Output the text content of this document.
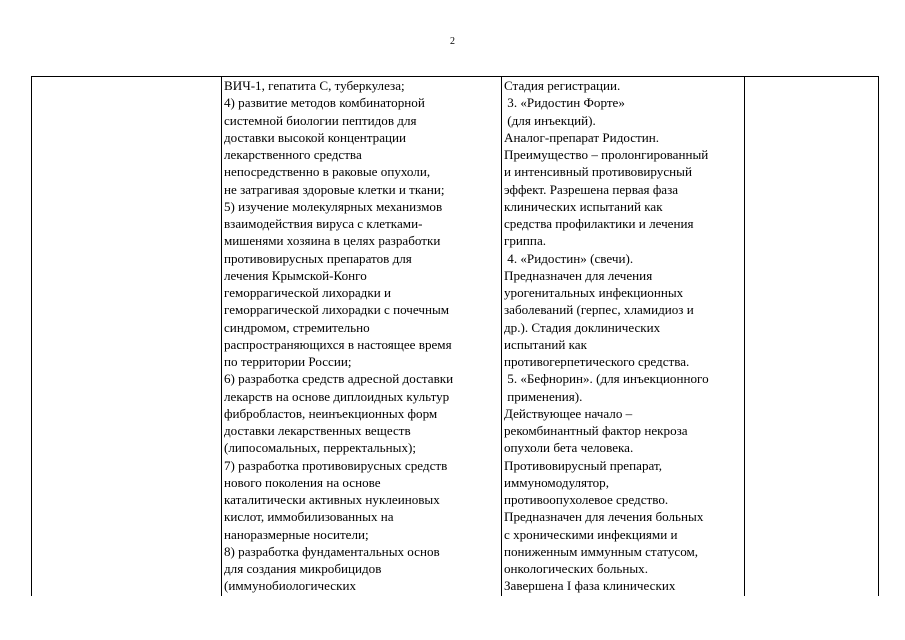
2
ВИЧ-1, гепатита С, туберкулеза;
4) развитие методов комбинаторной
системной биологии пептидов для
доставки высокой концентрации
лекарственного средства
непосредственно в раковые опухоли,
не затрагивая здоровые клетки и ткани;
5) изучение молекулярных механизмов
взаимодействия вируса с клетками-
мишенями хозяина в целях разработки
противовирусных препаратов для
лечения Крымской-Конго
геморрагической лихорадки и
геморрагической лихорадки с почечным
синдромом, стремительно
распространяющихся в настоящее время
по территории России;
6) разработка средств адресной доставки
лекарств на основе диплоидных культур
фибробластов, неинъекционных форм
доставки лекарственных веществ
(липосомальных, перректальных);
7) разработка противовирусных средств
нового поколения на основе
каталитически активных нуклеиновых
кислот, иммобилизованных на
наноразмерные носители;
8) разработка фундаментальных основ
для создания микробицидов
(иммунобиологических
Стадия регистрации.
3. «Ридостин Форте»
(для инъекций).
Аналог-препарат Ридостин.
Преимущество – пролонгированный
и интенсивный противовирусный
эффект. Разрешена первая фаза
клинических испытаний как
средства профилактики и лечения
гриппа.
4. «Ридостин» (свечи).
Предназначен для лечения
урогенитальных инфекционных
заболеваний (герпес, хламидиоз и
др.). Стадия доклинических
испытаний как
противогерпетического средства.
5. «Бефнорин». (для инъекционного
применения).
Действующее начало –
рекомбинантный фактор некроза
опухоли бета человека.
Противовирусный препарат,
иммуномодулятор,
противоопухолевое средство.
Предназначен для лечения больных
с хроническими инфекциями и
пониженным иммунным статусом,
онкологических больных.
Завершена I фаза клинических
